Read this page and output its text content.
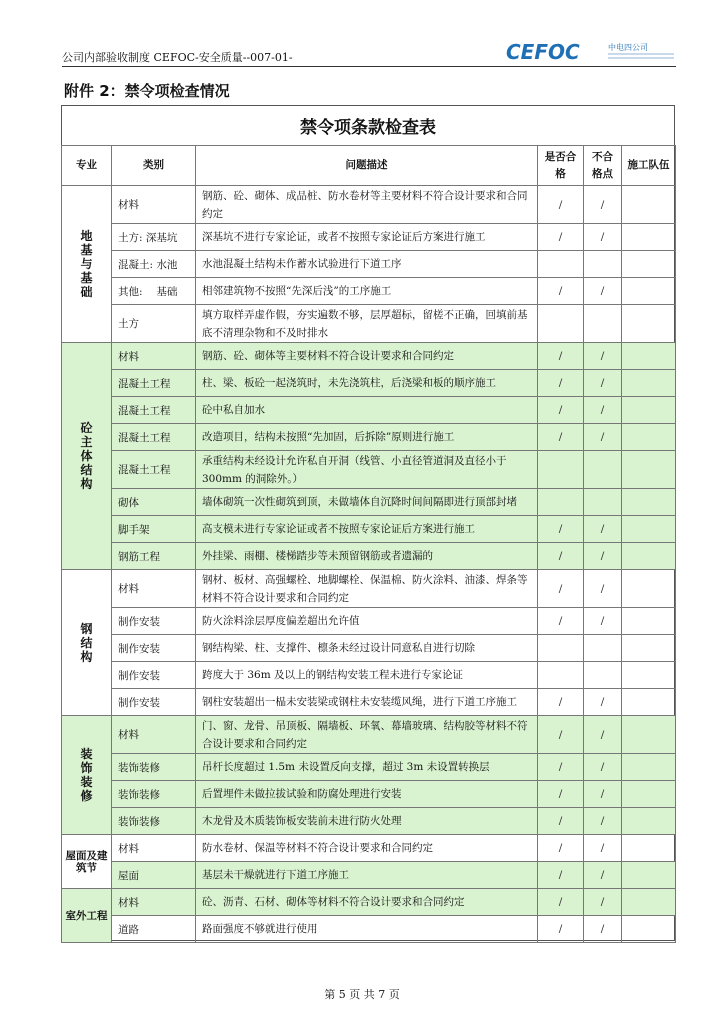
公司内部验收制度 CEFOC-安全质量--007-01-	CEFOC	中电四公司
附件 2：禁令项检查情况
禁令项条款检查表
专业	类别	问题描述	是否合格	不合格点	施工队伍
地基与基础	材料	钢筋、砼、砌体、成品桩、防水卷材等主要材料不符合设计要求和合同约定	/	/	
	土方: 深基坑	深基坑不进行专家论证，或者不按照专家论证后方案进行施工	/	/	
	混凝土: 水池	水池混凝土结构未作蓄水试验进行下道工序			
	其他:　 基础	相邻建筑物不按照“先深后浅”的工序施工	/	/	
	土方	填方取样弄虚作假，夯实遍数不够，层厚超标，留槎不正确，回填前基底不清理杂物和不及时排水			
砼主体结构	材料	钢筋、砼、砌体等主要材料不符合设计要求和合同约定	/	/	
	混凝土工程	柱、梁、板砼一起浇筑时，未先浇筑柱，后浇梁和板的顺序施工	/	/	
	混凝土工程	砼中私自加水	/	/	
	混凝土工程	改造项目，结构未按照“先加固，后拆除”原则进行施工	/	/	
	混凝土工程	承重结构未经设计允许私自开洞（线管、小直径管道洞及直径小于300mm 的洞除外。）			
	砌体	墙体砌筑一次性砌筑到顶，未做墙体自沉降时间间隔即进行顶部封堵			
	脚手架	高支模未进行专家论证或者不按照专家论证后方案进行施工	/	/	
	钢筋工程	外挂梁、雨棚、楼梯踏步等未预留钢筋或者遗漏的	/	/	
钢结构	材料	钢材、板材、高强螺栓、地脚螺栓、保温棉、防火涂料、油漆、焊条等材料不符合设计要求和合同约定	/	/	
	制作安装	防火涂料涂层厚度偏差超出允许值	/	/	
	制作安装	钢结构梁、柱、支撑件、檩条未经过设计同意私自进行切除			
	制作安装	跨度大于 36m 及以上的钢结构安装工程未进行专家论证			
	制作安装	钢柱安装超出一榀未安装梁或钢柱未安装缆风绳，进行下道工序施工	/	/	
装饰装修	材料	门、窗、龙骨、吊顶板、隔墙板、环氧、幕墙玻璃、结构胶等材料不符合设计要求和合同约定	/	/	
	装饰装修	吊杆长度超过 1.5m 未设置反向支撑，超过 3m 未设置转换层	/	/	
	装饰装修	后置埋件未做拉拔试验和防腐处理进行安装	/	/	
	装饰装修	木龙骨及木质装饰板安装前未进行防火处理	/	/	

屋面及建筑节	材料	防水卷材、保温等材料不符合设计要求和合同约定	/	/	
	屋面	基层未干燥就进行下道工序施工	/	/	

室外工程	材料	砼、沥青、石材、砌体等材料不符合设计要求和合同约定	/	/	
	道路	路面强度不够就进行使用	/	/	
第 5 页 共 7 页
